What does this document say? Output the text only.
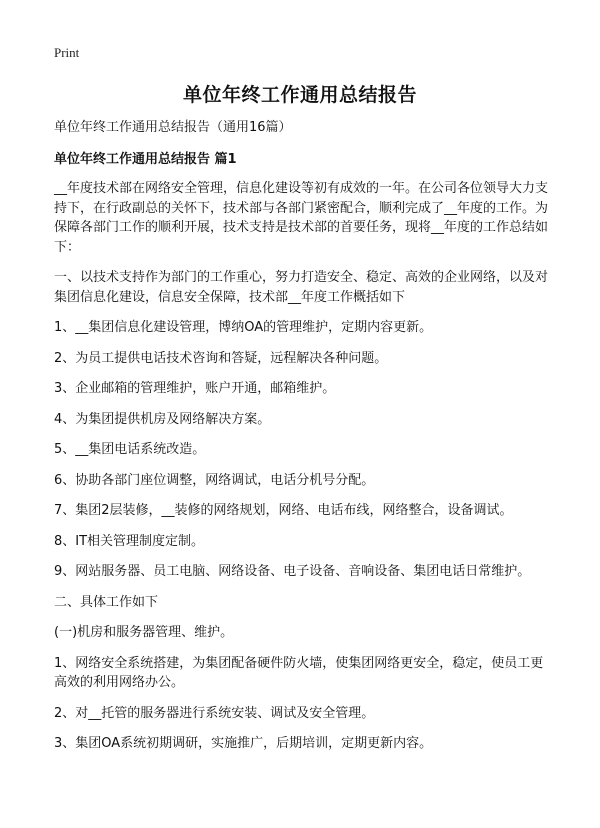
Print
单位年终工作通用总结报告

单位年终工作通用总结报告（通用16篇）

单位年终工作通用总结报告 篇1

__年度技术部在网络安全管理，信息化建设等初有成效的一年。在公司各位领导大力支持下，在行政副总的关怀下，技术部与各部门紧密配合，顺利完成了__年度的工作。为保障各部门工作的顺利开展，技术支持是技术部的首要任务，现将__年度的工作总结如下：

一、以技术支持作为部门的工作重心，努力打造安全、稳定、高效的企业网络，以及对集团信息化建设，信息安全保障，技术部__年度工作概括如下

1、__集团信息化建设管理，博纳OA的管理维护，定期内容更新。

2、为员工提供电话技术咨询和答疑，远程解决各种问题。

3、企业邮箱的管理维护，账户开通，邮箱维护。

4、为集团提供机房及网络解决方案。

5、__集团电话系统改造。

6、协助各部门座位调整，网络调试，电话分机号分配。

7、集团2层装修，__装修的网络规划，网络、电话布线，网络整合，设备调试。

8、IT相关管理制度定制。

9、网站服务器、员工电脑、网络设备、电子设备、音响设备、集团电话日常维护。

二、具体工作如下

(一)机房和服务器管理、维护。

1、网络安全系统搭建，为集团配备硬件防火墙，使集团网络更安全，稳定，使员工更高效的利用网络办公。

2、对__托管的服务器进行系统安装、调试及安全管理。

3、集团OA系统初期调研，实施推广，后期培训，定期更新内容。
